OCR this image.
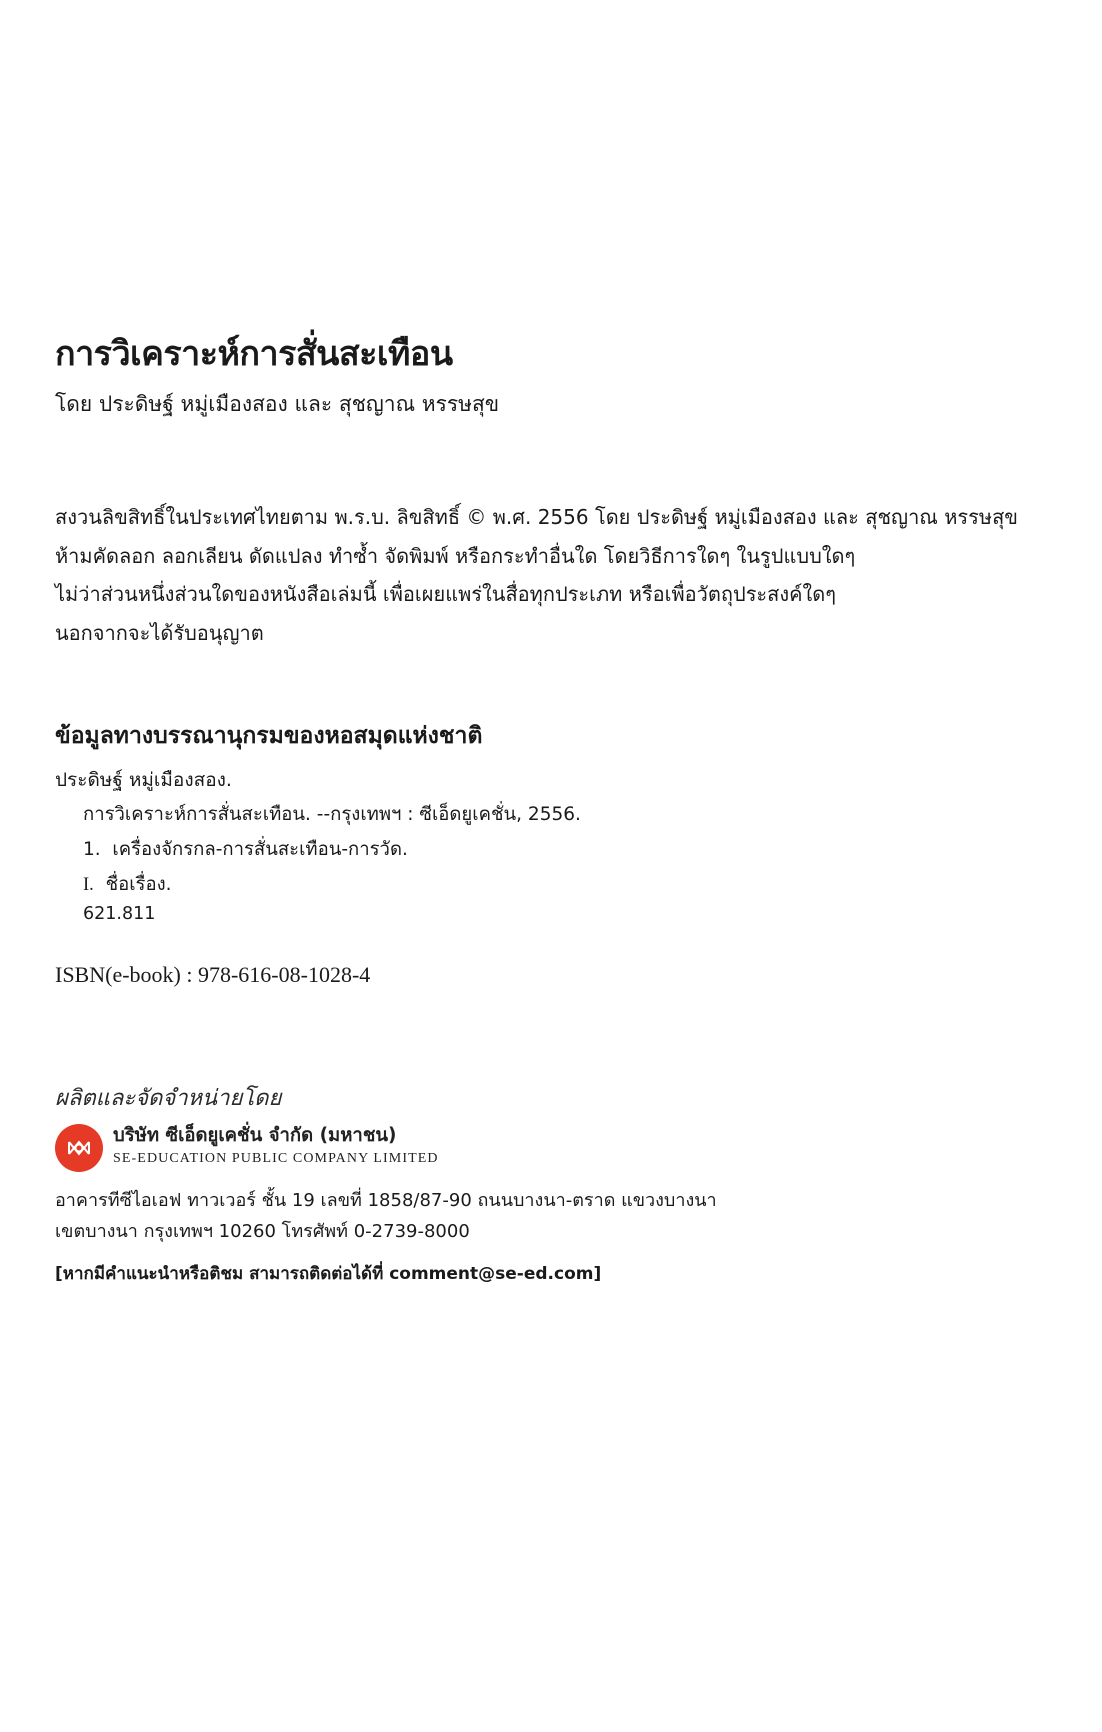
การวิเคราะห์การสั่นสะเทือน
โดย ประดิษฐ์ หมู่เมืองสอง และ สุชญาณ หรรษสุข
สงวนลิขสิทธิ์ในประเทศไทยตาม พ.ร.บ. ลิขสิทธิ์ © พ.ศ. 2556 โดย ประดิษฐ์ หมู่เมืองสอง และ สุชญาณ หรรษสุข
ห้ามคัดลอก ลอกเลียน ดัดแปลง ทำซ้ำ จัดพิมพ์ หรือกระทำอื่นใด โดยวิธีการใดๆ ในรูปแบบใดๆ
ไม่ว่าส่วนหนึ่งส่วนใดของหนังสือเล่มนี้ เพื่อเผยแพร่ในสื่อทุกประเภท หรือเพื่อวัตถุประสงค์ใดๆ
นอกจากจะได้รับอนุญาต
ข้อมูลทางบรรณานุกรมของหอสมุดแห่งชาติ
ประดิษฐ์ หมู่เมืองสอง.
การวิเคราะห์การสั่นสะเทือน. --กรุงเทพฯ : ซีเอ็ดยูเคชั่น, 2556.
1. เครื่องจักรกล-การสั่นสะเทือน-การวัด.
I. ชื่อเรื่อง.
621.811
ISBN(e-book) : 978-616-08-1028-4
ผลิตและจัดจำหน่ายโดย
บริษัท ซีเอ็ดยูเคชั่น จำกัด (มหาชน)
SE-EDUCATION PUBLIC COMPANY LIMITED
อาคารทีซีไอเอฟ ทาวเวอร์ ชั้น 19 เลขที่ 1858/87-90 ถนนบางนา-ตราด แขวงบางนา
เขตบางนา กรุงเทพฯ 10260 โทรศัพท์ 0-2739-8000
[หากมีคำแนะนำหรือติชม สามารถติดต่อได้ที่ comment@se-ed.com]
